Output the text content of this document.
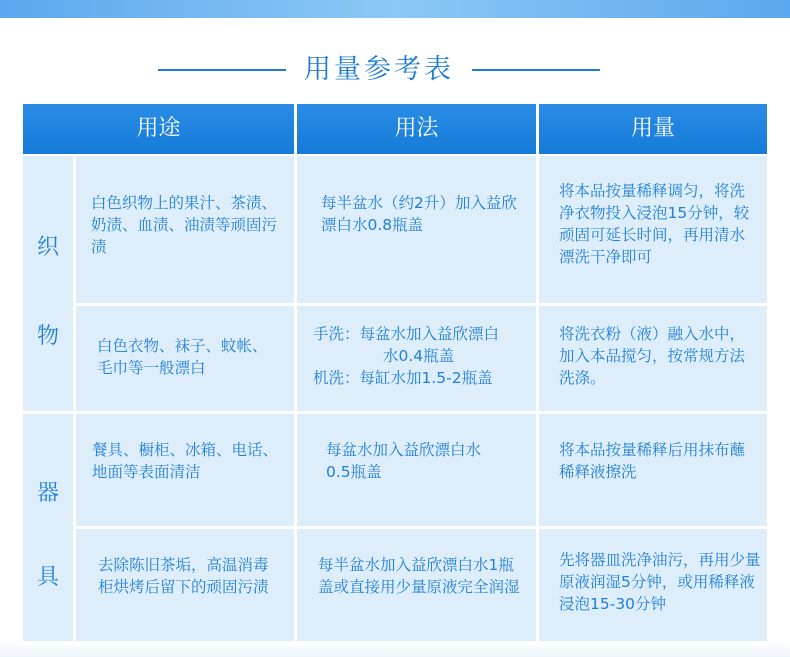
用量参考表
用途	用法	用量
织
物
器
具
白色织物上的果汁、茶渍、奶渍、血渍、油渍等顽固污渍
每半盆水（约2升）加入益欣漂白水0.8瓶盖
将本品按量稀释调匀，将洗净衣物投入浸泡15分钟，较顽固可延长时间，再用清水漂洗干净即可
白色衣物、袜子、蚊帐、毛巾等一般漂白
手洗：每盆水加入益欣漂白
水0.4瓶盖
机洗：每缸水加1.5-2瓶盖
将洗衣粉（液）融入水中，加入本品搅匀，按常规方法洗涤。
餐具、橱柜、冰箱、电话、地面等表面清洁
每盆水加入益欣漂白水0.5瓶盖
将本品按量稀释后用抹布蘸稀释液擦洗
去除陈旧茶垢，高温消毒柜烘烤后留下的顽固污渍
每半盆水加入益欣漂白水1瓶盖或直接用少量原液完全润湿
先将器皿洗净油污，再用少量原液润湿5分钟，或用稀释液浸泡15-30分钟
